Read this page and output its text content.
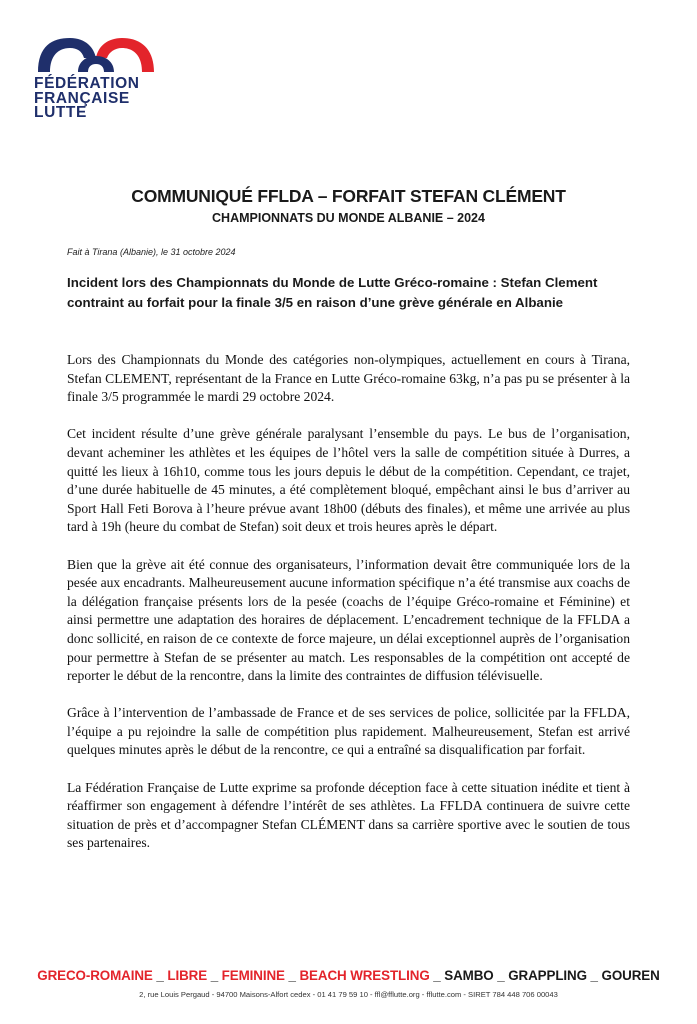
FÉDÉRATION
FRANÇAISE
LUTTE
COMMUNIQUÉ FFLDA – FORFAIT STEFAN CLÉMENT
CHAMPIONNATS DU MONDE ALBANIE – 2024
Fait à Tirana (Albanie), le 31 octobre 2024
Incident lors des Championnats du Monde de Lutte Gréco-romaine : Stefan Clement contraint au forfait pour la finale 3/5 en raison d’une grève générale en Albanie

Lors des Championnats du Monde des catégories non-olympiques, actuellement en cours à Tirana, Stefan CLEMENT, représentant de la France en Lutte Gréco-romaine 63kg, n’a pas pu se présenter à la finale 3/5 programmée le mardi 29 octobre 2024.

Cet incident résulte d’une grève générale paralysant l’ensemble du pays. Le bus de l’organisation, devant acheminer les athlètes et les équipes de l’hôtel vers la salle de compétition située à Durres, a quitté les lieux à 16h10, comme tous les jours depuis le début de la compétition. Cependant, ce trajet, d’une durée habituelle de 45 minutes, a été complètement bloqué, empêchant ainsi le bus d’arriver au Sport Hall Feti Borova à l’heure prévue avant 18h00 (débuts des finales), et même une arrivée au plus tard à 19h (heure du combat de Stefan) soit deux et trois heures après le départ.

Bien que la grève ait été connue des organisateurs, l’information devait être communiquée lors de la pesée aux encadrants. Malheureusement aucune information spécifique n’a été transmise aux coachs de la délégation française présents lors de la pesée (coachs de l’équipe Gréco-romaine et Féminine) et ainsi permettre une adaptation des horaires de déplacement. L’encadrement technique de la FFLDA a donc sollicité, en raison de ce contexte de force majeure, un délai exceptionnel auprès de l’organisation pour permettre à Stefan de se présenter au match. Les responsables de la compétition ont accepté de reporter le début de la rencontre, dans la limite des contraintes de diffusion télévisuelle.

Grâce à l’intervention de l’ambassade de France et de ses services de police, sollicitée par la FFLDA, l’équipe a pu rejoindre la salle de compétition plus rapidement. Malheureusement, Stefan est arrivé quelques minutes après le début de la rencontre, ce qui a entraîné sa disqualification par forfait.

La Fédération Française de Lutte exprime sa profonde déception face à cette situation inédite et tient à réaffirmer son engagement à défendre l’intérêt de ses athlètes. La FFLDA continuera de suivre cette situation de près et d’accompagner Stefan CLÉMENT dans sa carrière sportive avec le soutien de tous ses partenaires.

GRECO-ROMAINE _ LIBRE _ FEMININE _ BEACH WRESTLING _ SAMBO _ GRAPPLING _ GOUREN
2, rue Louis Pergaud - 94700 Maisons-Alfort cedex - 01 41 79 59 10 - ffl@fflutte.org - fflutte.com - SIRET 784 448 706 00043
